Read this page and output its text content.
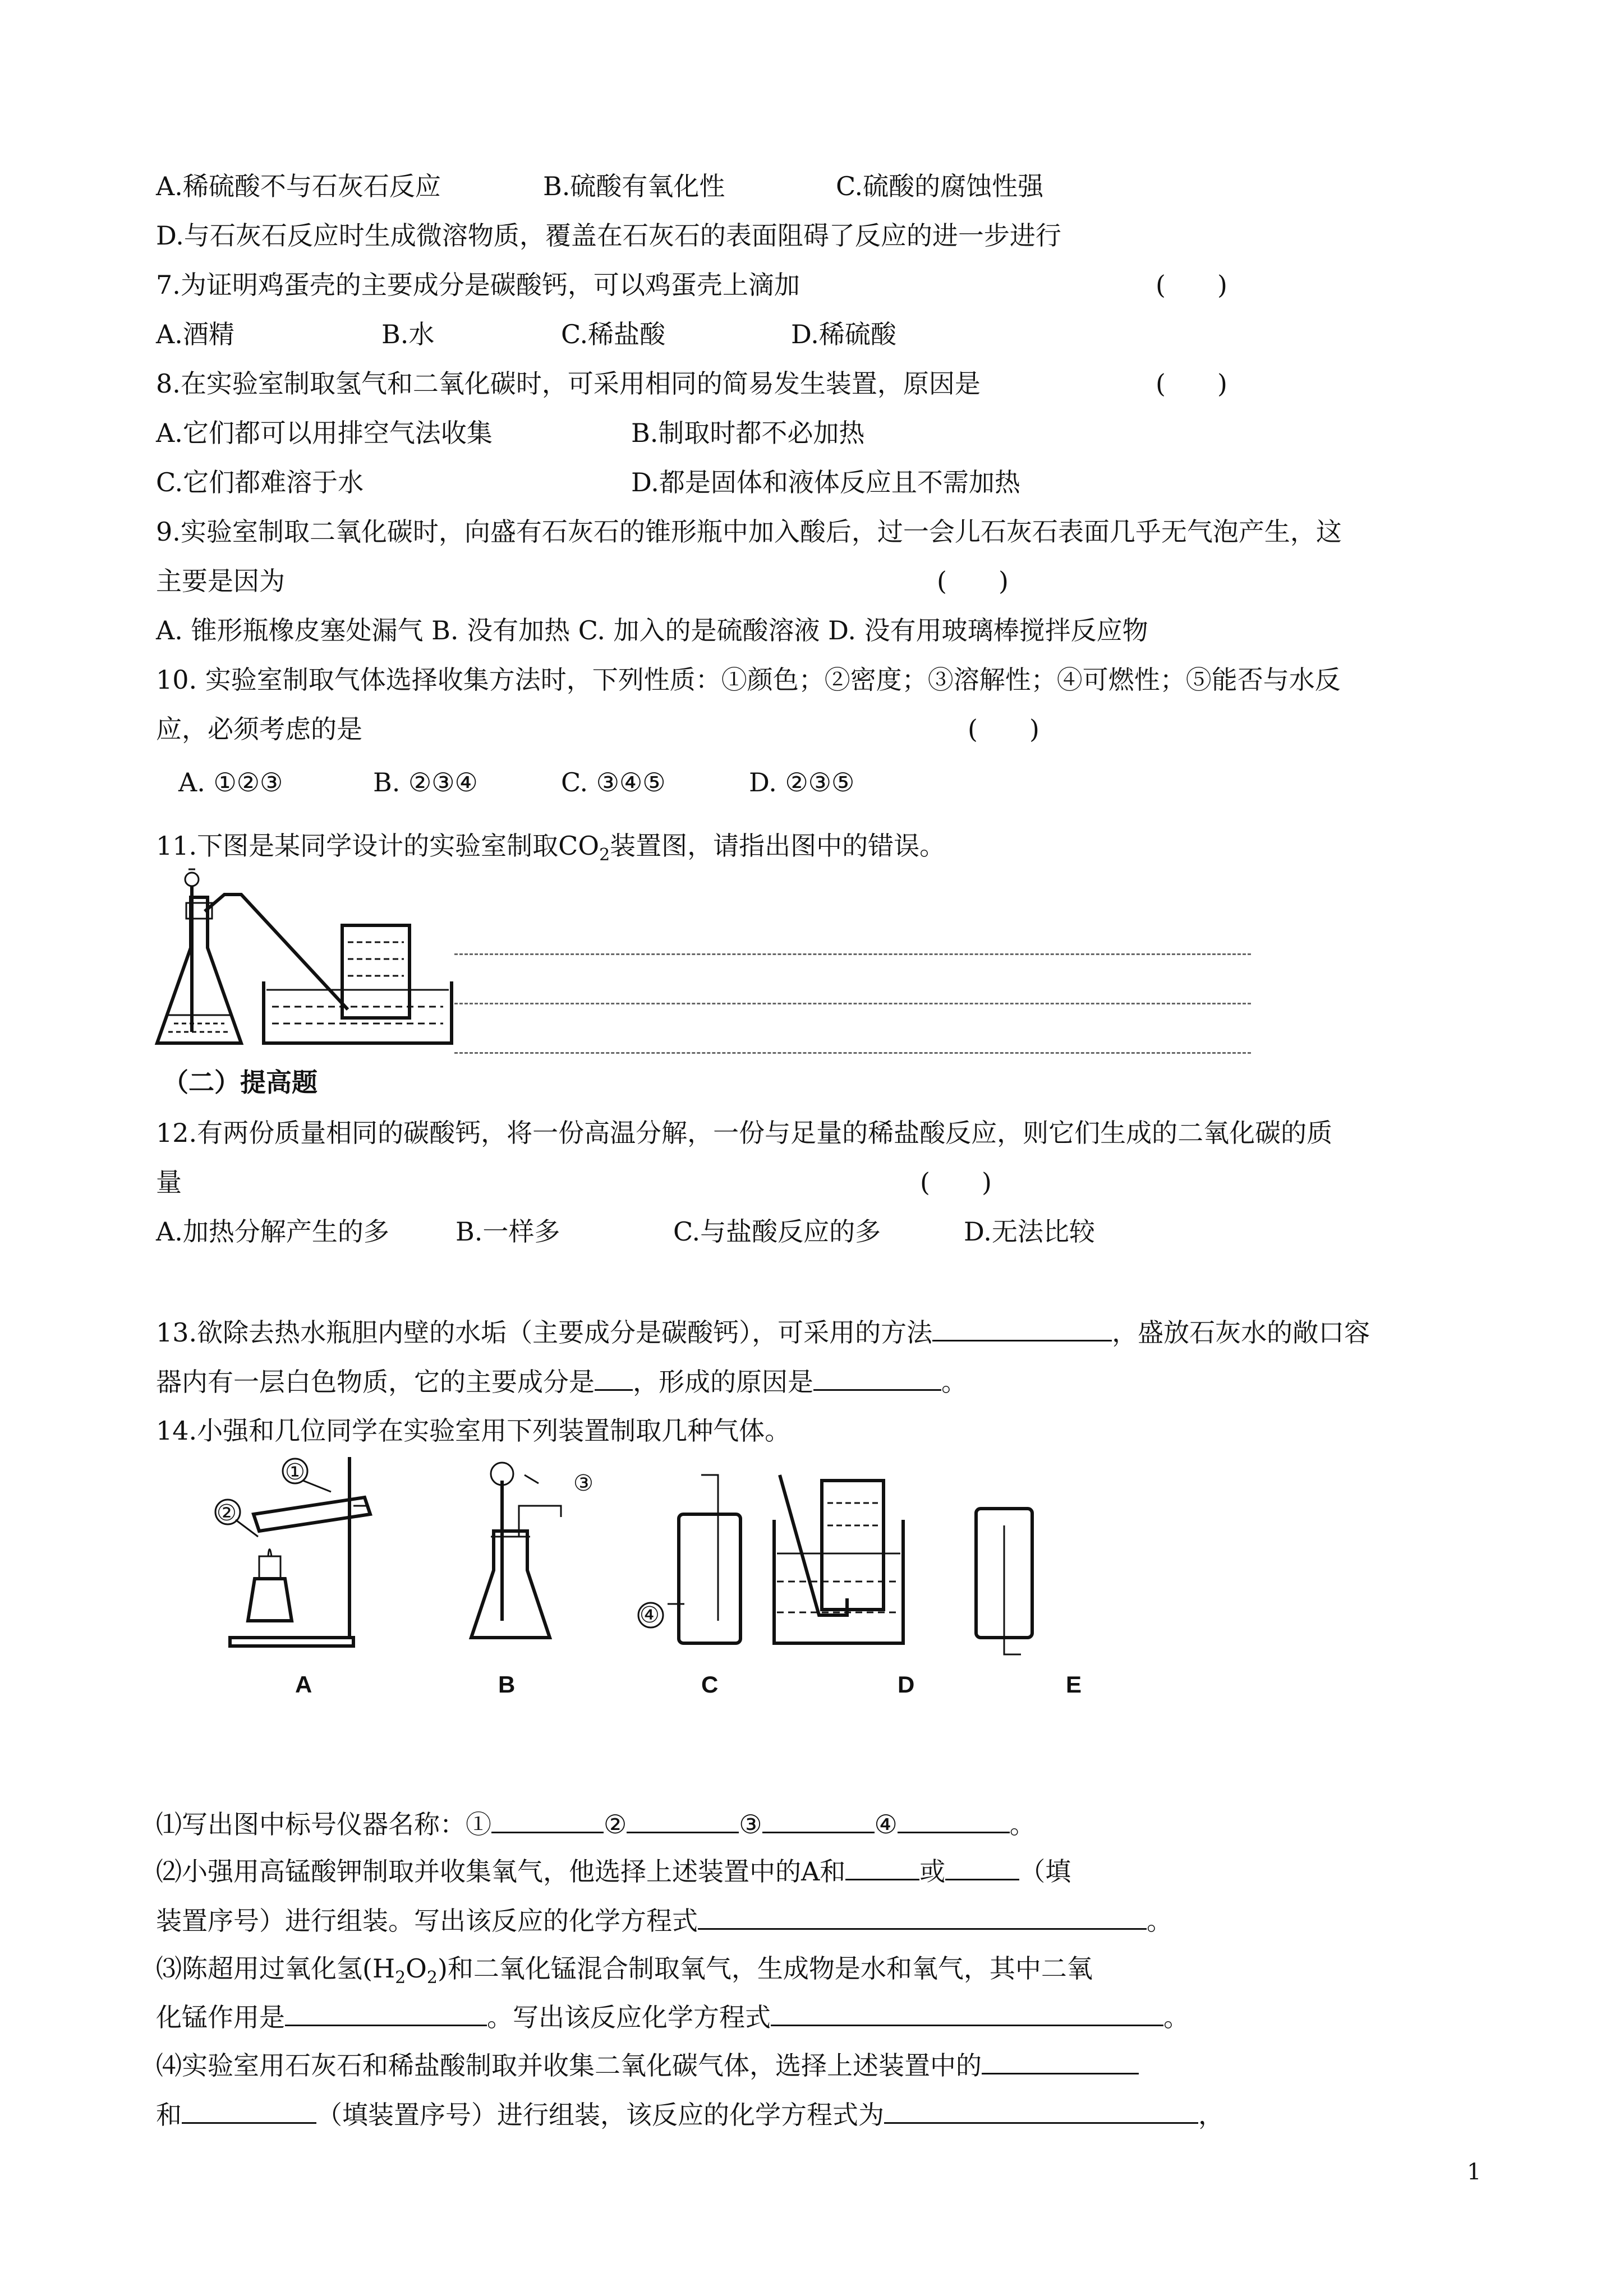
A.稀硫酸不与石灰石反应	B.硫酸有氧化性	C.硫酸的腐蚀性强
D.与石灰石反应时生成微溶物质，覆盖在石灰石的表面阻碍了反应的进一步进行
7.为证明鸡蛋壳的主要成分是碳酸钙，可以鸡蛋壳上滴加	(　　)
A.酒精	B.水	C.稀盐酸	D.稀硫酸
8.在实验室制取氢气和二氧化碳时，可采用相同的简易发生装置，原因是	(　　)
A.它们都可以用排空气法收集	B.制取时都不必加热
C.它们都难溶于水	D.都是固体和液体反应且不需加热
9.实验室制取二氧化碳时，向盛有石灰石的锥形瓶中加入酸后，过一会儿石灰石表面几乎无气泡产生，这
主要是因为	(　　)
A. 锥形瓶橡皮塞处漏气 B. 没有加热 C. 加入的是硫酸溶液 D. 没有用玻璃棒搅拌反应物
10. 实验室制取气体选择收集方法时，下列性质：①颜色；②密度；③溶解性；④可燃性；⑤能否与水反
应，必须考虑的是	(　　)
A. ①②③	B. ②③④	C. ③④⑤	D. ②③⑤
11.下图是某同学设计的实验室制取$CO_2$装置图，请指出图中的错误。
（二）提高题
12.有两份质量相同的碳酸钙，将一份高温分解，一份与足量的稀盐酸反应，则它们生成的二氧化碳的质
量	(　　)
A.加热分解产生的多	B.一样多	C.与盐酸反应的多	D.无法比较
13.欲除去热水瓶胆内壁的水垢（主要成分是碳酸钙），可采用的方法	，盛放石灰水的敞口容
器内有一层白色物质，它的主要成分是 ，形成的原因是	。
14.小强和几位同学在实验室用下列装置制取几种气体。
A	B	C	D	E
①
②
③
④
⑴写出图中标号仪器名称：①	②	③	④	。
⑵小强用高锰酸钾制取并收集氧气，他选择上述装置中的A和	或	（填
装置序号）进行组装。写出该反应的化学方程式	。
⑶陈超用过氧化氢$(H_2O_2)$和二氧化锰混合制取氧气，生成物是水和氧气，其中二氧
化锰作用是	。写出该反应化学方程式	。
⑷实验室用石灰石和稀盐酸制取并收集二氧化碳气体，选择上述装置中的
和	（填装置序号）进行组装，该反应的化学方程式为	，
1
